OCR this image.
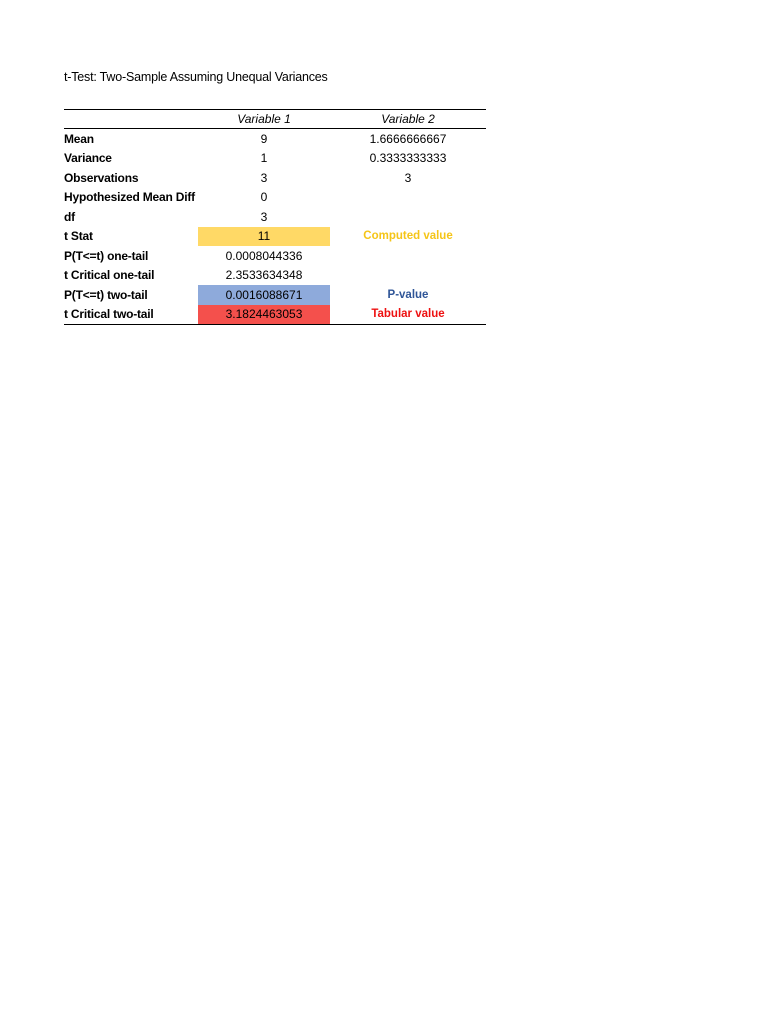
t-Test: Two-Sample Assuming Unequal Variances
	Variable 1	Variable 2
Mean	9	1.6666666667
Variance	1	0.3333333333
Observations	3	3
Hypothesized Mean Diff	0	
df	3	
t Stat	11	Computed value
P(T<=t) one-tail	0.0008044336	
t Critical one-tail	2.3533634348	
P(T<=t) two-tail	0.0016088671	P-value
t Critical two-tail	3.1824463053	Tabular value
